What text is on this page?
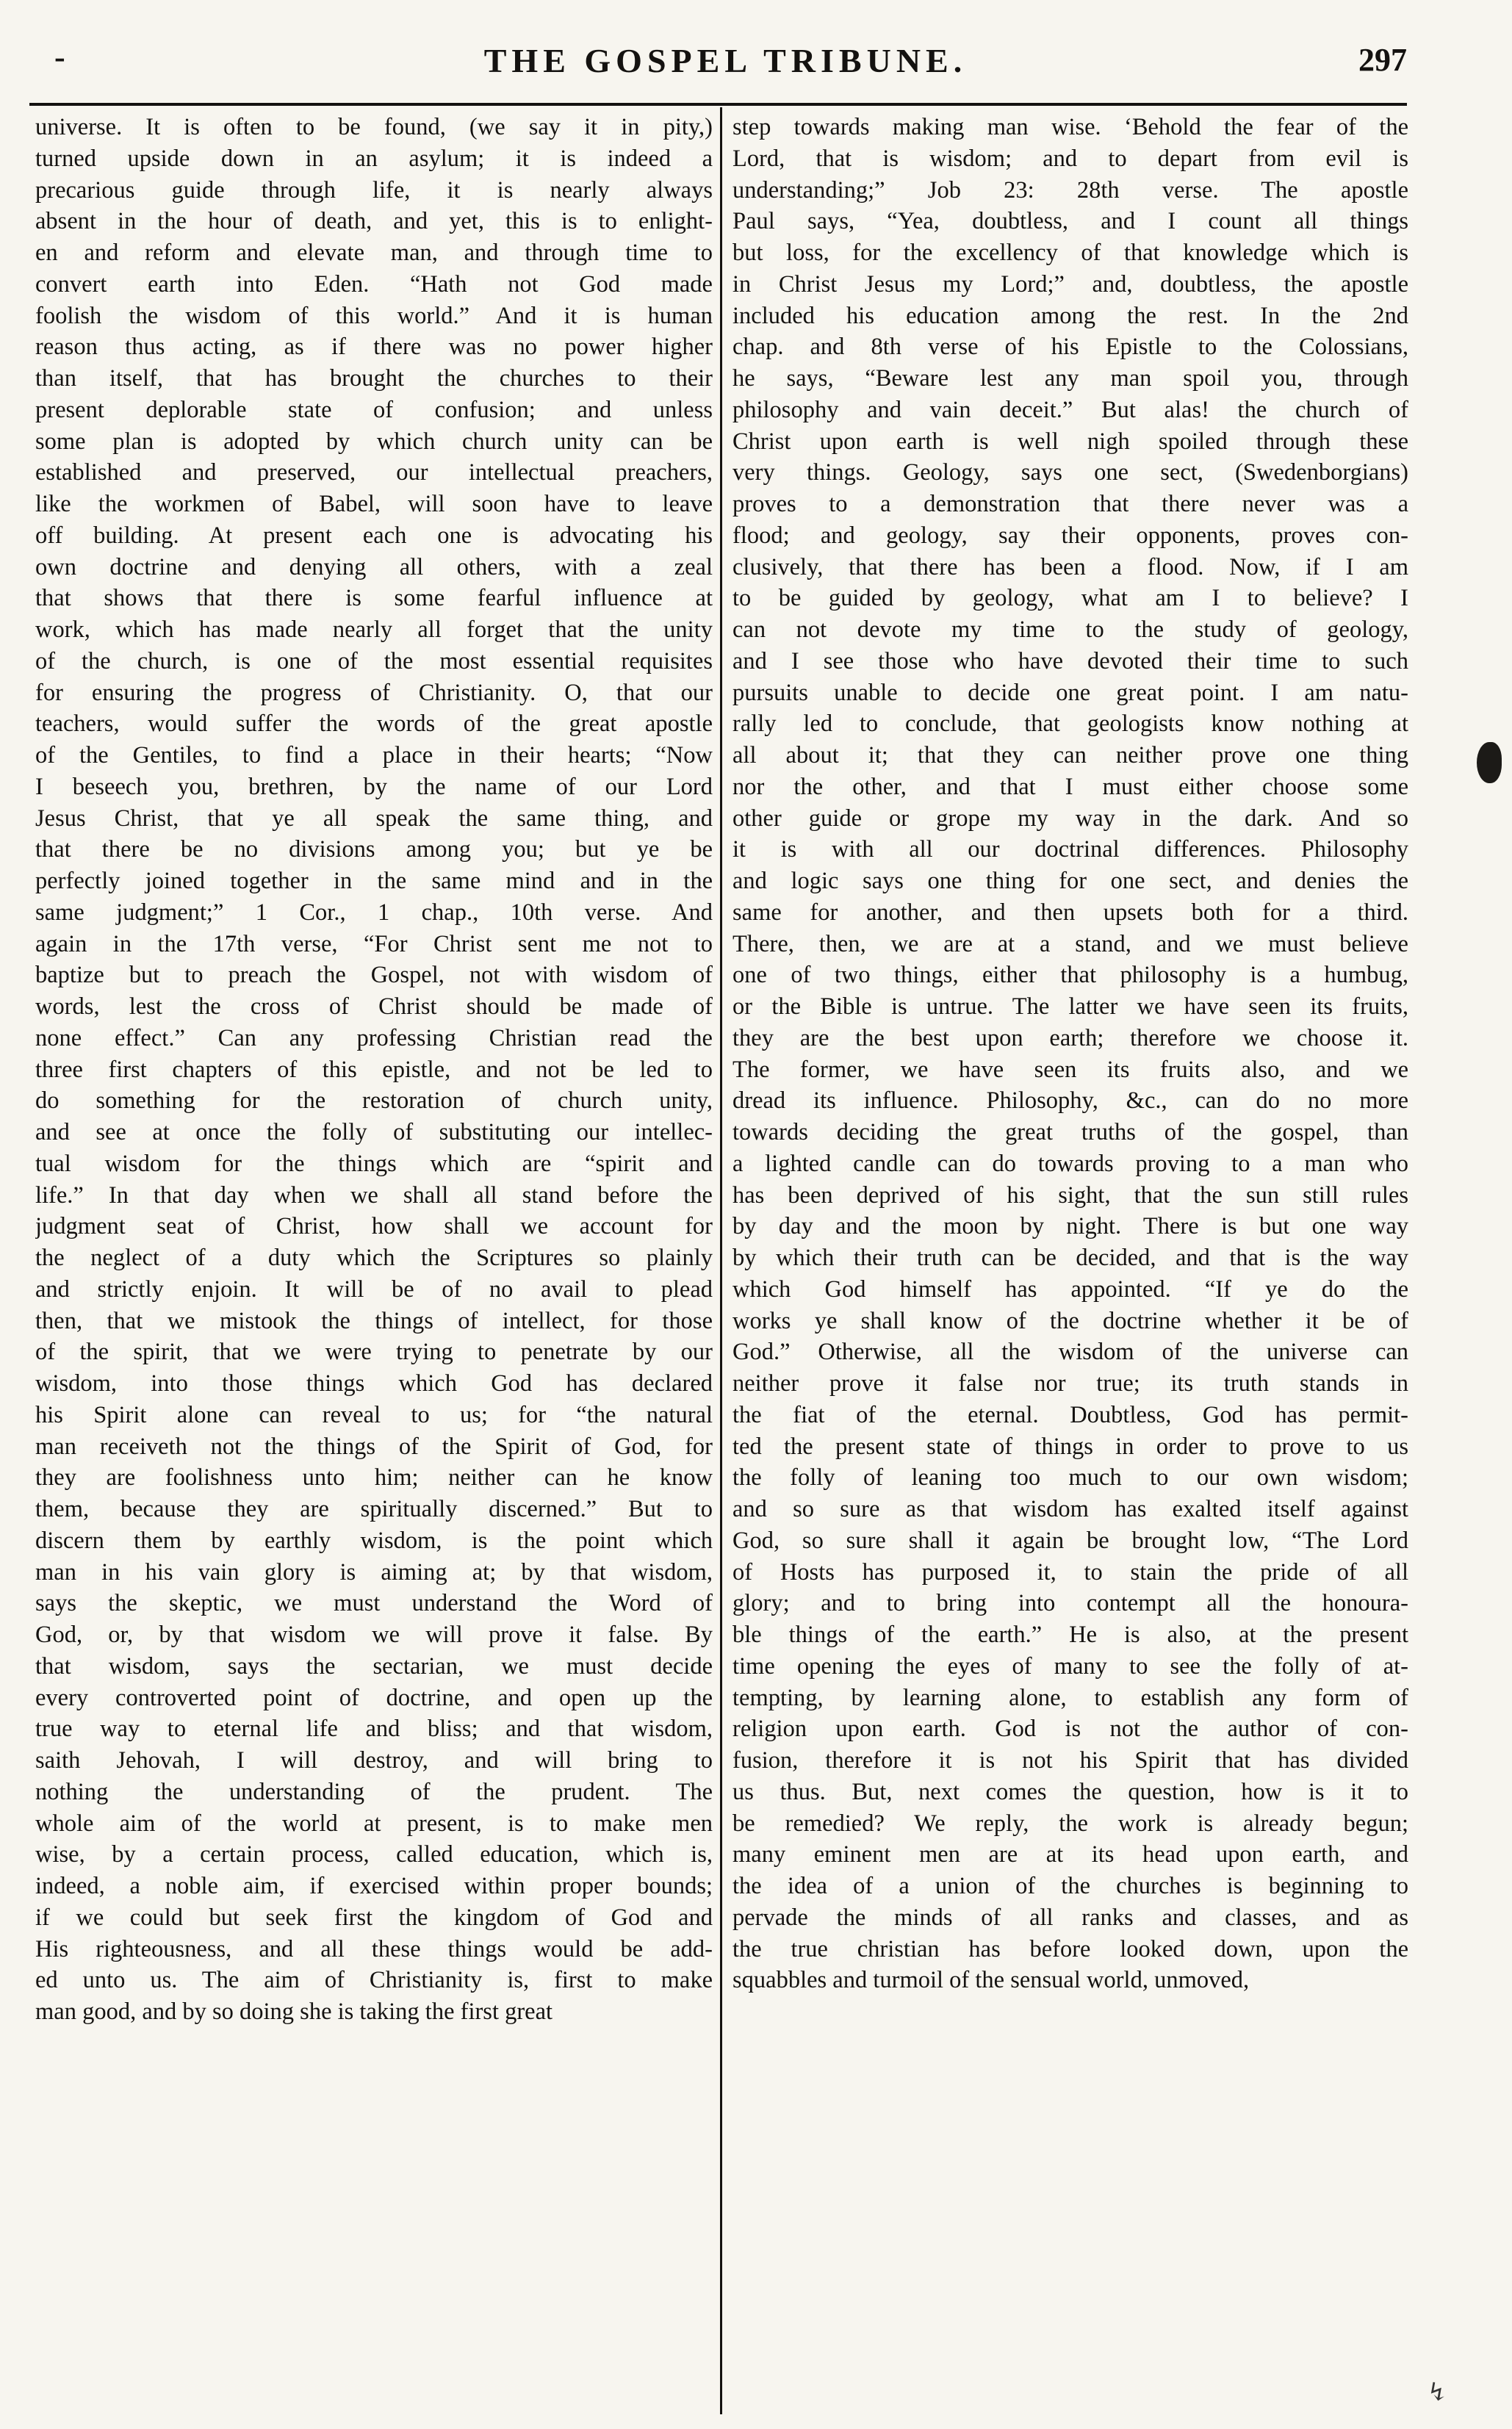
-	THE GOSPEL TRIBUNE.	297
universe. It is often to be found, (we say it in pity,)
turned upside down in an asylum; it is indeed a
precarious guide through life, it is nearly always
absent in the hour of death, and yet, this is to enlight-
en and reform and elevate man, and through time to
convert earth into Eden. “Hath not God made
foolish the wisdom of this world.” And it is human
reason thus acting, as if there was no power higher
than itself, that has brought the churches to their
present deplorable state of confusion; and unless
some plan is adopted by which church unity can be
established and preserved, our intellectual preachers,
like the workmen of Babel, will soon have to leave
off building. At present each one is advocating his
own doctrine and denying all others, with a zeal
that shows that there is some fearful influence at
work, which has made nearly all forget that the unity
of the church, is one of the most essential requisites
for ensuring the progress of Christianity. O, that our
teachers, would suffer the words of the great apostle
of the Gentiles, to find a place in their hearts; “Now
I beseech you, brethren, by the name of our Lord
Jesus Christ, that ye all speak the same thing, and
that there be no divisions among you; but ye be
perfectly joined together in the same mind and in the
same judgment;” 1 Cor., 1 chap., 10th verse. And
again in the 17th verse, “For Christ sent me not to
baptize but to preach the Gospel, not with wisdom of
words, lest the cross of Christ should be made of
none effect.” Can any professing Christian read the
three first chapters of this epistle, and not be led to
do something for the restoration of church unity,
and see at once the folly of substituting our intellec-
tual wisdom for the things which are “spirit and
life.” In that day when we shall all stand before the
judgment seat of Christ, how shall we account for
the neglect of a duty which the Scriptures so plainly
and strictly enjoin. It will be of no avail to plead
then, that we mistook the things of intellect, for those
of the spirit, that we were trying to penetrate by our
wisdom, into those things which God has declared
his Spirit alone can reveal to us; for “the natural
man receiveth not the things of the Spirit of God, for
they are foolishness unto him; neither can he know
them, because they are spiritually discerned.” But to
discern them by earthly wisdom, is the point which
man in his vain glory is aiming at; by that wisdom,
says the skeptic, we must understand the Word of
God, or, by that wisdom we will prove it false. By
that wisdom, says the sectarian, we must decide
every controverted point of doctrine, and open up the
true way to eternal life and bliss; and that wisdom,
saith Jehovah, I will destroy, and will bring to
nothing the understanding of the prudent. The
whole aim of the world at present, is to make men
wise, by a certain process, called education, which is,
indeed, a noble aim, if exercised within proper bounds;
if we could but seek first the kingdom of God and
His righteousness, and all these things would be add-
ed unto us. The aim of Christianity is, first to make
man good, and by so doing she is taking the first great
step towards making man wise. ‘Behold the fear of the
Lord, that is wisdom; and to depart from evil is
understanding;” Job 23: 28th verse. The apostle
Paul says, “Yea, doubtless, and I count all things
but loss, for the excellency of that knowledge which is
in Christ Jesus my Lord;” and, doubtless, the apostle
included his education among the rest. In the 2nd
chap. and 8th verse of his Epistle to the Colossians,
he says, “Beware lest any man spoil you, through
philosophy and vain deceit.” But alas! the church of
Christ upon earth is well nigh spoiled through these
very things. Geology, says one sect, (Swedenborgians)
proves to a demonstration that there never was a
flood; and geology, say their opponents, proves con-
clusively, that there has been a flood. Now, if I am
to be guided by geology, what am I to believe? I
can not devote my time to the study of geology,
and I see those who have devoted their time to such
pursuits unable to decide one great point. I am natu-
rally led to conclude, that geologists know nothing at
all about it; that they can neither prove one thing
nor the other, and that I must either choose some
other guide or grope my way in the dark. And so
it is with all our doctrinal differences. Philosophy
and logic says one thing for one sect, and denies the
same for another, and then upsets both for a third.
There, then, we are at a stand, and we must believe
one of two things, either that philosophy is a humbug,
or the Bible is untrue. The latter we have seen its fruits,
they are the best upon earth; therefore we choose it.
The former, we have seen its fruits also, and we
dread its influence. Philosophy, &c., can do no more
towards deciding the great truths of the gospel, than
a lighted candle can do towards proving to a man who
has been deprived of his sight, that the sun still rules
by day and the moon by night. There is but one way
by which their truth can be decided, and that is the way
which God himself has appointed. “If ye do the
works ye shall know of the doctrine whether it be of
God.” Otherwise, all the wisdom of the universe can
neither prove it false nor true; its truth stands in
the fiat of the eternal. Doubtless, God has permit-
ted the present state of things in order to prove to us
the folly of leaning too much to our own wisdom;
and so sure as that wisdom has exalted itself against
God, so sure shall it again be brought low, “The Lord
of Hosts has purposed it, to stain the pride of all
glory; and to bring into contempt all the honoura-
ble things of the earth.” He is also, at the present
time opening the eyes of many to see the folly of at-
tempting, by learning alone, to establish any form of
religion upon earth. God is not the author of con-
fusion, therefore it is not his Spirit that has divided
us thus. But, next comes the question, how is it to
be remedied? We reply, the work is already begun;
many eminent men are at its head upon earth, and
the idea of a union of the churches is beginning to
pervade the minds of all ranks and classes, and as
the true christian has before looked down, upon the
squabbles and turmoil of the sensual world, unmoved,
↯
